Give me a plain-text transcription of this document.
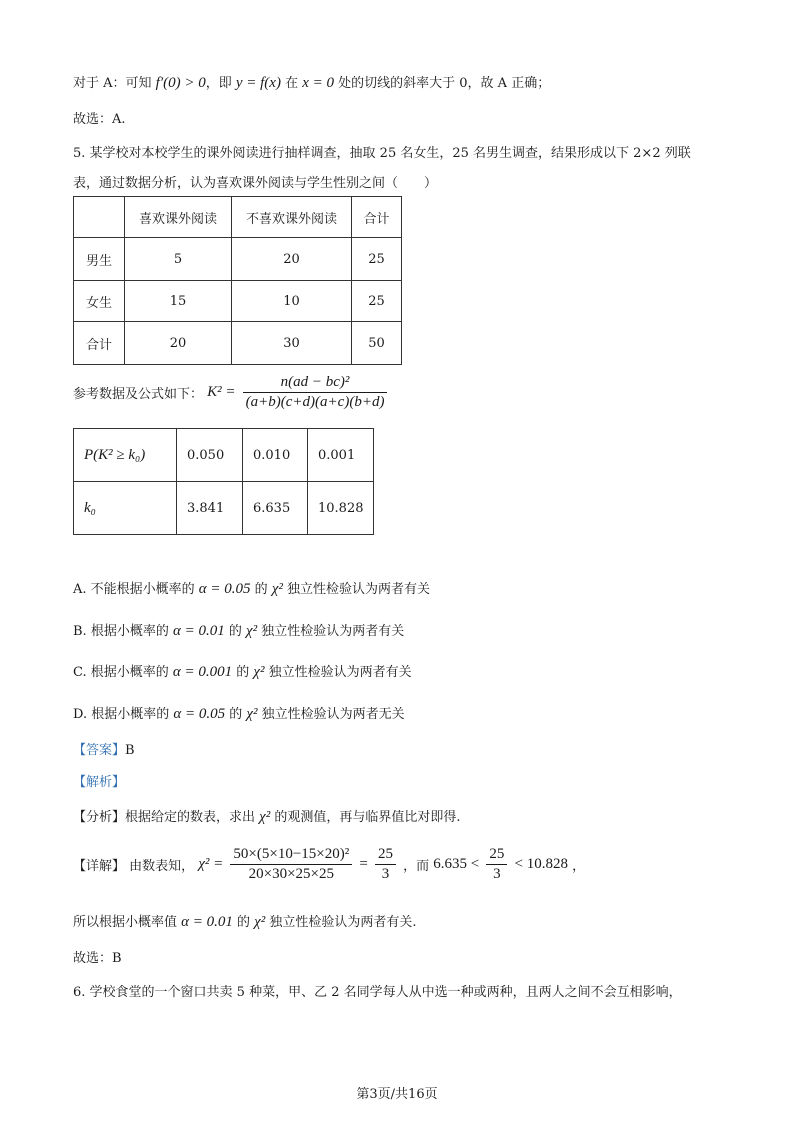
对于 A：可知 f′(0) > 0，即 y = f(x) 在 x = 0 处的切线的斜率大于 0，故 A 正确；
故选：A.
5. 某学校对本校学生的课外阅读进行抽样调查，抽取 25 名女生，25 名男生调查，结果形成以下 2×2 列联
表，通过数据分析，认为喜欢课外阅读与学生性别之间（　　）
	喜欢课外阅读	不喜欢课外阅读	合计
男生	5	20	25
女生	15	10	25
合计	20	30	50
参考数据及公式如下： $K^2 = \frac{\text{n(ad − bc)²}}{(a+b)(c+d)(a+c)(b+d)}$
P(K² ≥ k₀)	0.050	0.010	0.001
k₀	3.841	6.635	10.828
A. 不能根据小概率的 α = 0.05 的 χ² 独立性检验认为两者有关
B. 根据小概率的 α = 0.01 的 χ² 独立性检验认为两者有关
C. 根据小概率的 α = 0.001 的 χ² 独立性检验认为两者有关
D. 根据小概率的 α = 0.05 的 χ² 独立性检验认为两者无关
【答案】B
【解析】
【分析】根据给定的数表，求出 χ² 的观测值，再与临界值比对即得.
【详解】 由数表知， $\chi^2 = \frac{\text{50×(5×10−15×20)²}}{20\times 30\times 25\times 25} = \frac{25}{3}$ ，而 $6.635 < \frac{25}{3} < 10.828$ ，
所以根据小概率值 α = 0.01 的 χ² 独立性检验认为两者有关.
故选：B
6. 学校食堂的一个窗口共卖 5 种菜，甲、乙 2 名同学每人从中选一种或两种，且两人之间不会互相影响，
第3页/共16页
